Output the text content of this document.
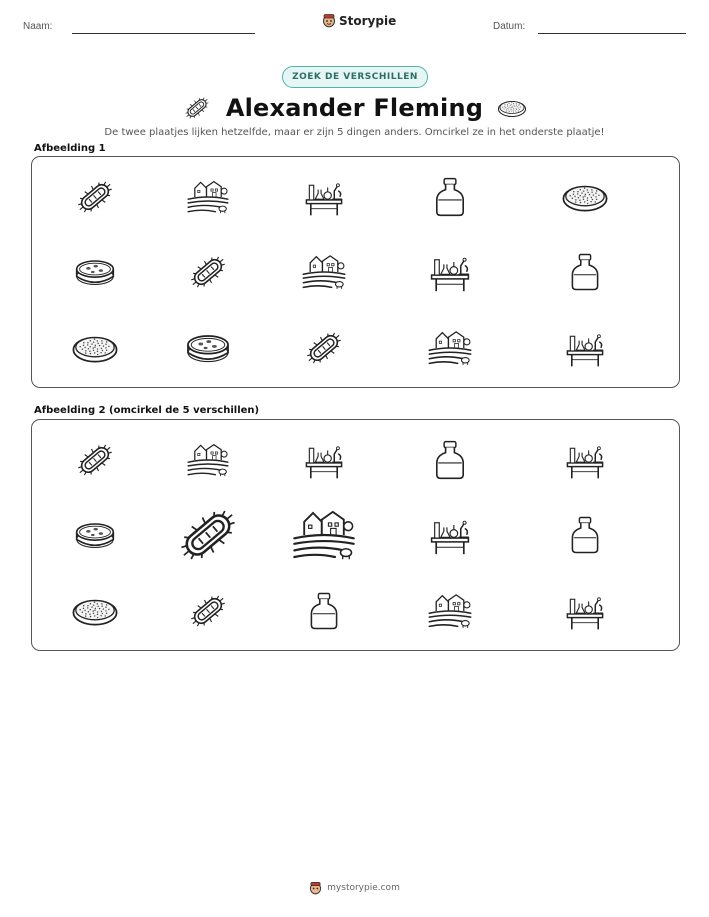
Naam:	Storypie	Datum:
ZOEK DE VERSCHILLEN
Alexander Fleming
De twee plaatjes lijken hetzelfde, maar er zijn 5 dingen anders. Omcirkel ze in het onderste plaatje!
Afbeelding 1
Afbeelding 2 (omcirkel de 5 verschillen)
mystorypie.com
